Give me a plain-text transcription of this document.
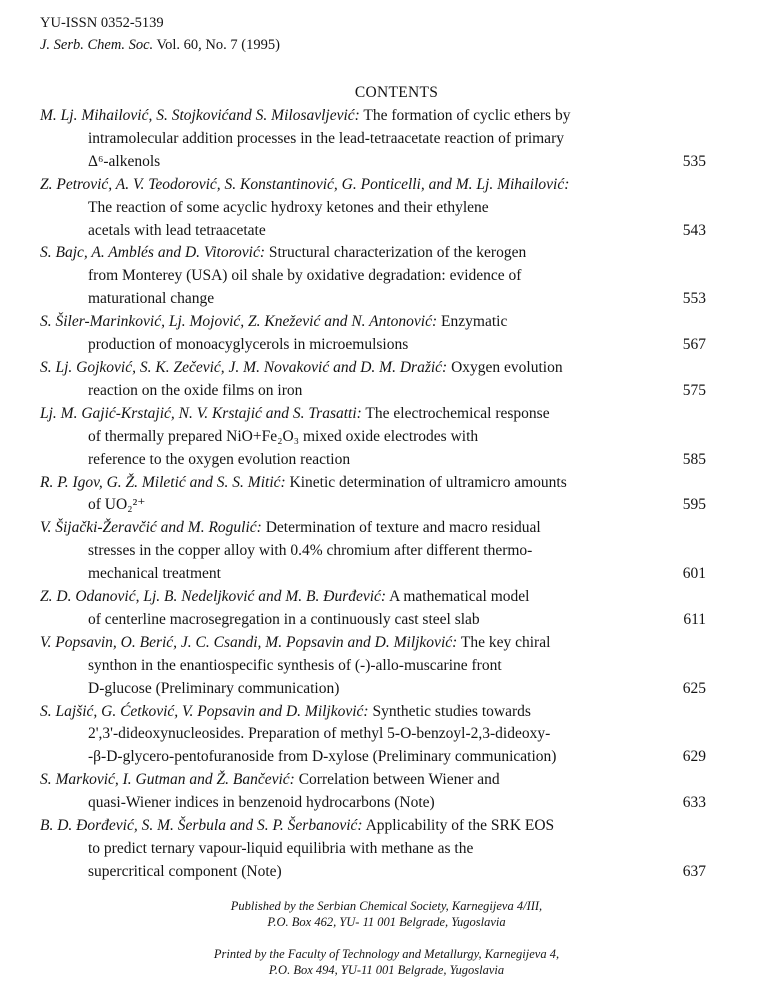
YU-ISSN 0352-5139
J. Serb. Chem. Soc. Vol. 60, No. 7 (1995)
CONTENTS
M. Lj. Mihailović, S. Stojkovićand S. Milosavljević: The formation of cyclic ethers by
intramolecular addition processes in the lead-tetraacetate reaction of primary
Δ⁶-alkenols	535
Z. Petrović, A. V. Teodorović, S. Konstantinović, G. Ponticelli, and M. Lj. Mihailović:
The reaction of some acyclic hydroxy ketones and their ethylene
acetals with lead tetraacetate	543
S. Bajc, A. Amblés and D. Vitorović: Structural characterization of the kerogen
from Monterey (USA) oil shale by oxidative degradation: evidence of
maturational change	553
S. Šiler-Marinković, Lj. Mojović, Z. Knežević and N. Antonović: Enzymatic
production of monoacyglycerols in microemulsions	567
S. Lj. Gojković, S. K. Zečević, J. M. Novaković and D. M. Dražić: Oxygen evolution
reaction on the oxide films on iron	575
Lj. M. Gajić-Krstajić, N. V. Krstajić and S. Trasatti: The electrochemical response
of thermally prepared NiO+Fe₂O₃ mixed oxide electrodes with
reference to the oxygen evolution reaction	585
R. P. Igov, G. Ž. Miletić and S. S. Mitić: Kinetic determination of ultramicro amounts
of UO₂²⁺	595
V. Šijački-Žeravčić and M. Rogulić: Determination of texture and macro residual
stresses in the copper alloy with 0.4% chromium after different thermo-
mechanical treatment	601
Z. D. Odanović, Lj. B. Nedeljković and M. B. Đurđević: A mathematical model
of centerline macrosegregation in a continuously cast steel slab	611
V. Popsavin, O. Berić, J. C. Csandi, M. Popsavin and D. Miljković: The key chiral
synthon in the enantiospecific synthesis of (-)-allo-muscarine front
D-glucose (Preliminary communication)	625
S. Lajšić, G. Ćetković, V. Popsavin and D. Miljković: Synthetic studies towards
2',3'-dideoxynucleosides. Preparation of methyl 5-O-benzoyl-2,3-dideoxy-
-β-D-glycero-pentofuranoside from D-xylose (Preliminary communication)	629
S. Marković, I. Gutman and Ž. Bančević: Correlation between Wiener and
quasi-Wiener indices in benzenoid hydrocarbons (Note)	633
B. D. Đorđević, S. M. Šerbula and S. P. Šerbanović: Applicability of the SRK EOS
to predict ternary vapour-liquid equilibria with methane as the
supercritical component (Note)	637
Published by the Serbian Chemical Society, Karnegijeva 4/III,
P.O. Box 462, YU- 11 001 Belgrade, Yugoslavia
Printed by the Faculty of Technology and Metallurgy, Karnegijeva 4,
P.O. Box 494, YU-11 001 Belgrade, Yugoslavia
